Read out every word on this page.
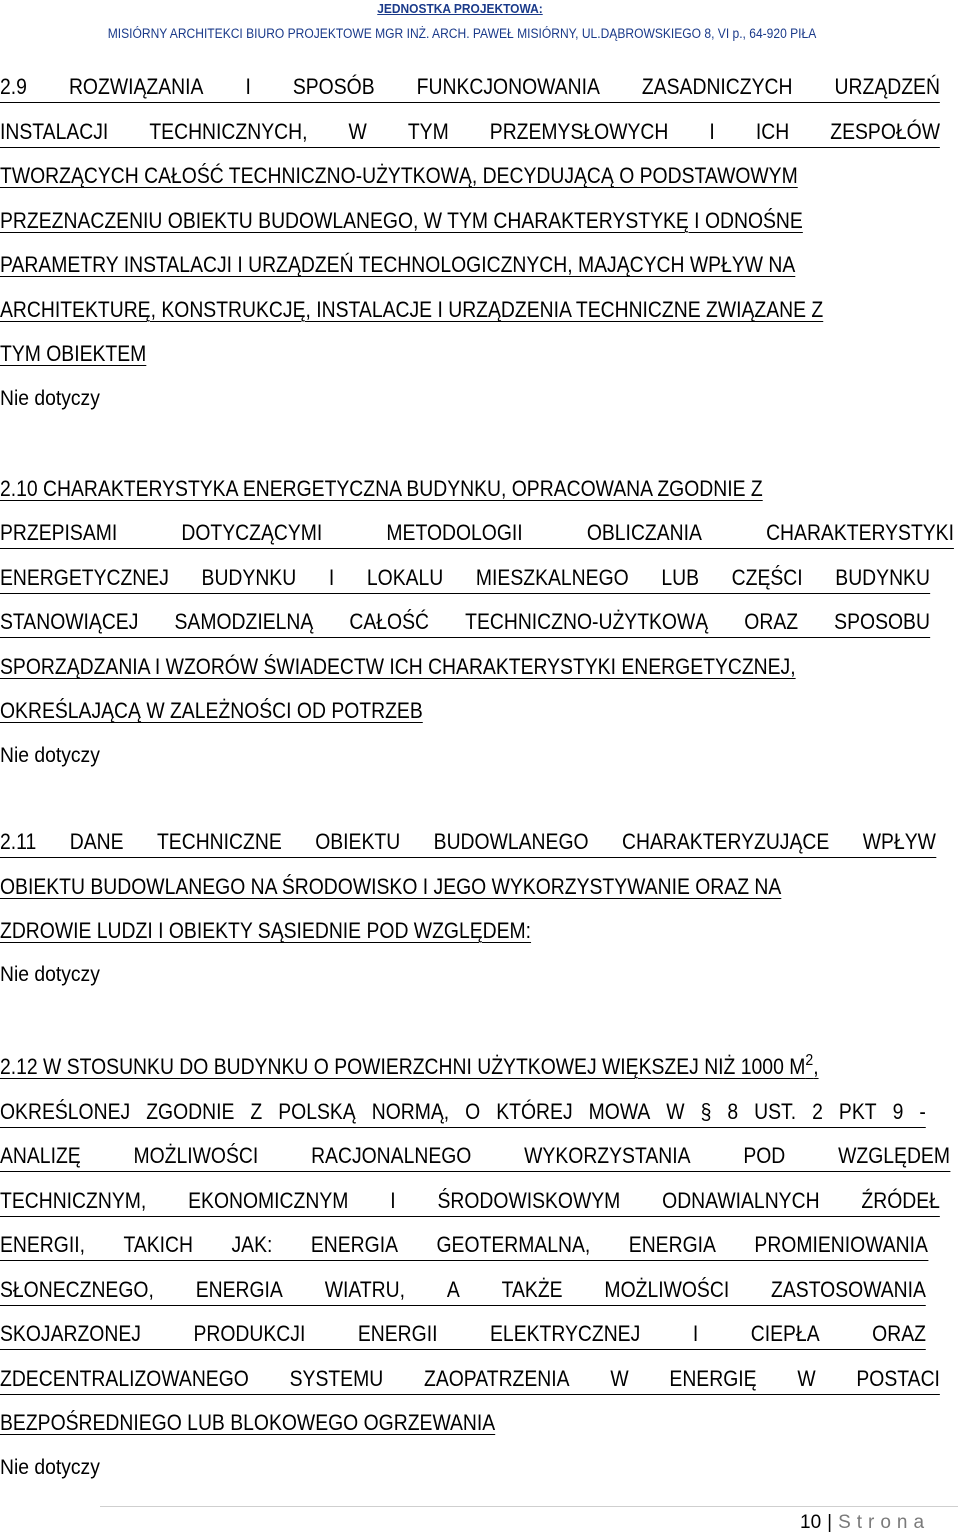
JEDNOSTKA PROJEKTOWA:
MISIÓRNY ARCHITEKCI BIURO PROJEKTOWE MGR INŻ. ARCH. PAWEŁ MISIÓRNY, UL.DĄBROWSKIEGO 8, VI p., 64-920 PIŁA
2.9 ROZWIĄZANIA I SPOSÓB FUNKCJONOWANIA ZASADNICZYCH URZĄDZEŃ
INSTALACJI TECHNICZNYCH, W TYM PRZEMYSŁOWYCH I ICH ZESPOŁÓW
TWORZĄCYCH CAŁOŚĆ TECHNICZNO-UŻYTKOWĄ, DECYDUJĄCĄ O PODSTAWOWYM
PRZEZNACZENIU OBIEKTU BUDOWLANEGO, W TYM CHARAKTERYSTYKĘ I ODNOŚNE
PARAMETRY INSTALACJI I URZĄDZEŃ TECHNOLOGICZNYCH, MAJĄCYCH WPŁYW NA
ARCHITEKTURĘ, KONSTRUKCJĘ, INSTALACJE I URZĄDZENIA TECHNICZNE ZWIĄZANE Z
TYM OBIEKTEM
Nie dotyczy
2.10 CHARAKTERYSTYKA ENERGETYCZNA BUDYNKU, OPRACOWANA ZGODNIE Z
PRZEPISAMI	DOTYCZĄCYMI	METODOLOGII	OBLICZANIA	CHARAKTERYSTYKI
ENERGETYCZNEJ BUDYNKU I LOKALU MIESZKALNEGO LUB CZĘŚCI BUDYNKU
STANOWIĄCEJ SAMODZIELNĄ CAŁOŚĆ TECHNICZNO-UŻYTKOWĄ ORAZ SPOSOBU
SPORZĄDZANIA I WZORÓW ŚWIADECTW ICH CHARAKTERYSTYKI ENERGETYCZNEJ,
OKREŚLAJĄCĄ W ZALEŻNOŚCI OD POTRZEB
Nie dotyczy
2.11 DANE TECHNICZNE OBIEKTU BUDOWLANEGO CHARAKTERYZUJĄCE WPŁYW
OBIEKTU BUDOWLANEGO NA ŚRODOWISKO I JEGO WYKORZYSTYWANIE ORAZ NA
ZDROWIE LUDZI I OBIEKTY SĄSIEDNIE POD WZGLĘDEM:
Nie dotyczy
2.12 W STOSUNKU DO BUDYNKU O POWIERZCHNI UŻYTKOWEJ WIĘKSZEJ NIŻ 1000 $M^2$,
OKREŚLONEJ ZGODNIE Z POLSKĄ NORMĄ, O KTÓREJ MOWA W § 8 UST. 2 PKT 9 -
ANALIZĘ MOŻLIWOŚCI RACJONALNEGO WYKORZYSTANIA POD WZGLĘDEM
TECHNICZNYM, EKONOMICZNYM I ŚRODOWISKOWYM ODNAWIALNYCH ŹRÓDEŁ
ENERGII, TAKICH JAK: ENERGIA GEOTERMALNA, ENERGIA PROMIENIOWANIA
SŁONECZNEGO, ENERGIA WIATRU, A TAKŻE MOŻLIWOŚCI ZASTOSOWANIA
SKOJARZONEJ PRODUKCJI ENERGII ELEKTRYCZNEJ I CIEPŁA ORAZ
ZDECENTRALIZOWANEGO SYSTEMU ZAOPATRZENIA W ENERGIĘ W POSTACI
BEZPOŚREDNIEGO LUB BLOKOWEGO OGRZEWANIA
Nie dotyczy
10 | Strona
